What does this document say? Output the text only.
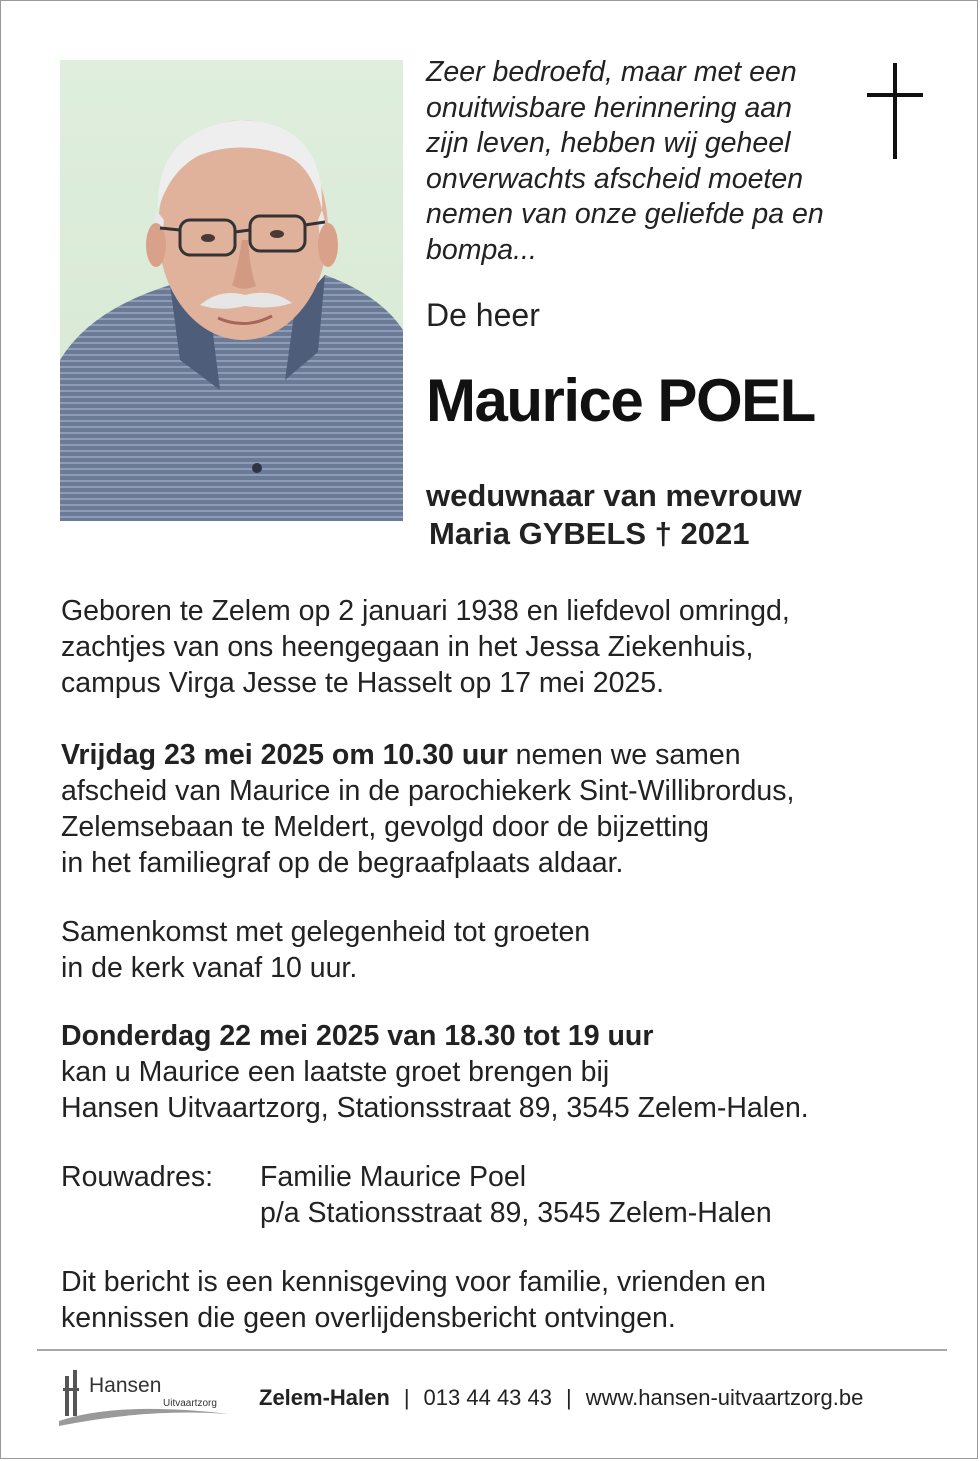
Zeer bedroefd, maar met een
onuitwisbare herinnering aan
zijn leven, hebben wij geheel
onverwachts afscheid moeten
nemen van onze geliefde pa en
bompa...
De heer
Maurice POEL
weduwnaar van mevrouw
Maria GYBELS † 2021
Geboren te Zelem op 2 januari 1938 en liefdevol omringd,
zachtjes van ons heengegaan in het Jessa Ziekenhuis,
campus Virga Jesse te Hasselt op 17 mei 2025.
Vrijdag 23 mei 2025 om 10.30 uur nemen we samen
afscheid van Maurice in de parochiekerk Sint-Willibrordus,
Zelemsebaan te Meldert, gevolgd door de bijzetting
in het familiegraf op de begraafplaats aldaar.
Samenkomst met gelegenheid tot groeten
in de kerk vanaf 10 uur.
Donderdag 22 mei 2025 van 18.30 tot 19 uur
kan u Maurice een laatste groet brengen bij
Hansen Uitvaartzorg, Stationsstraat 89, 3545 Zelem-Halen.
Rouwadres:	Familie Maurice Poel
p/a Stationsstraat 89, 3545 Zelem-Halen
Dit bericht is een kennisgeving voor familie, vrienden en
kennissen die geen overlijdensbericht ontvingen.
Hansen
Uitvaartzorg Zelem-Halen | 013 44 43 43 | www.hansen-uitvaartzorg.be
